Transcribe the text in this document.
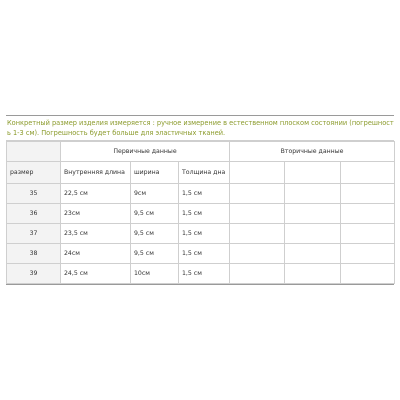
Конкретный размер изделия измеряется : ручное измерение в естественном плоском состоянии (погрешность 1-3 см). Погрешность будет больше для эластичных тканей.
	Первичные данные			Вторичные данные		
размер	Внутренняя длина	ширина	Толщина дна			
35	22,5 см	9см	1,5 см			
36	23см	9,5 см	1,5 см			
37	23,5 см	9,5 см	1,5 см			
38	24см	9,5 см	1,5 см			
39	24,5 см	10см	1,5 см			
